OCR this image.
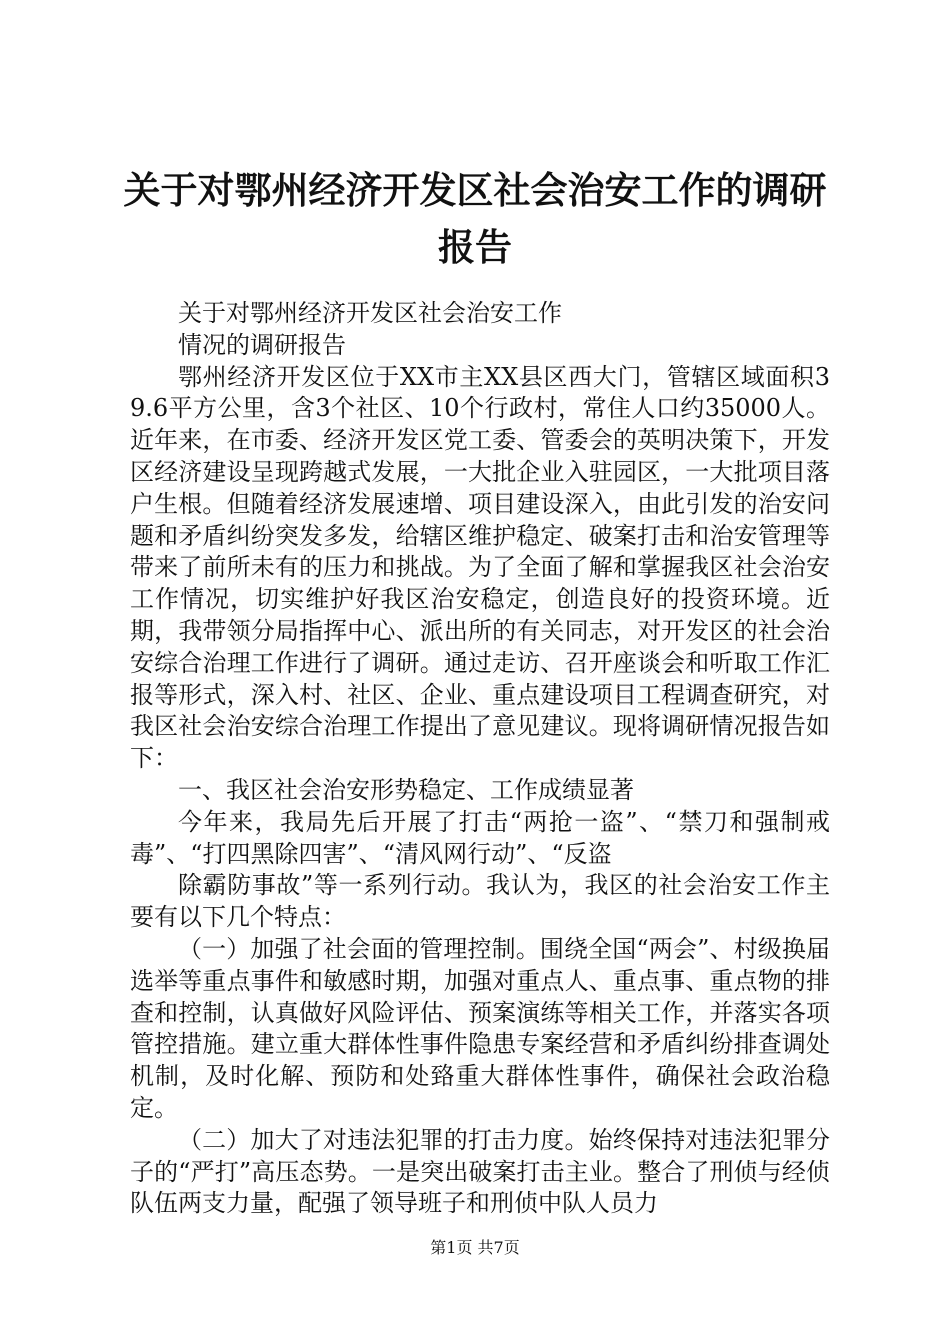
关于对鄂州经济开发区社会治安工作的调研报告

关于对鄂州经济开发区社会治安工作

情况的调研报告

鄂州经济开发区位于XX市主XX县区西大门，管辖区域面积39.6平方公里，含3个社区、10个行政村，常住人口约35000人。近年来，在市委、经济开发区党工委、管委会的英明决策下，开发区经济建设呈现跨越式发展，一大批企业入驻园区，一大批项目落户生根。但随着经济发展速增、项目建设深入，由此引发的治安问题和矛盾纠纷突发多发，给辖区维护稳定、破案打击和治安管理等带来了前所未有的压力和挑战。为了全面了解和掌握我区社会治安工作情况，切实维护好我区治安稳定，创造良好的投资环境。近期，我带领分局指挥中心、派出所的有关同志，对开发区的社会治安综合治理工作进行了调研。通过走访、召开座谈会和听取工作汇报等形式，深入村、社区、企业、重点建设项目工程调查研究，对我区社会治安综合治理工作提出了意见建议。现将调研情况报告如下：

一、我区社会治安形势稳定、工作成绩显著

今年来，我局先后开展了打击“两抢一盗”、“禁刀和强制戒毒”、“打四黑除四害”、“清风网行动”、“反盗

除霸防事故”等一系列行动。我认为，我区的社会治安工作主要有以下几个特点：

（一）加强了社会面的管理控制。围绕全国“两会”、村级换届选举等重点事件和敏感时期，加强对重点人、重点事、重点物的排查和控制，认真做好风险评估、预案演练等相关工作，并落实各项管控措施。建立重大群体性事件隐患专案经营和矛盾纠纷排查调处机制，及时化解、预防和处臵重大群体性事件，确保社会政治稳定。

（二）加大了对违法犯罪的打击力度。始终保持对违法犯罪分子的“严打”高压态势。一是突出破案打击主业。整合了刑侦与经侦队伍两支力量，配强了领导班子和刑侦中队人员力

第1页 共7页
